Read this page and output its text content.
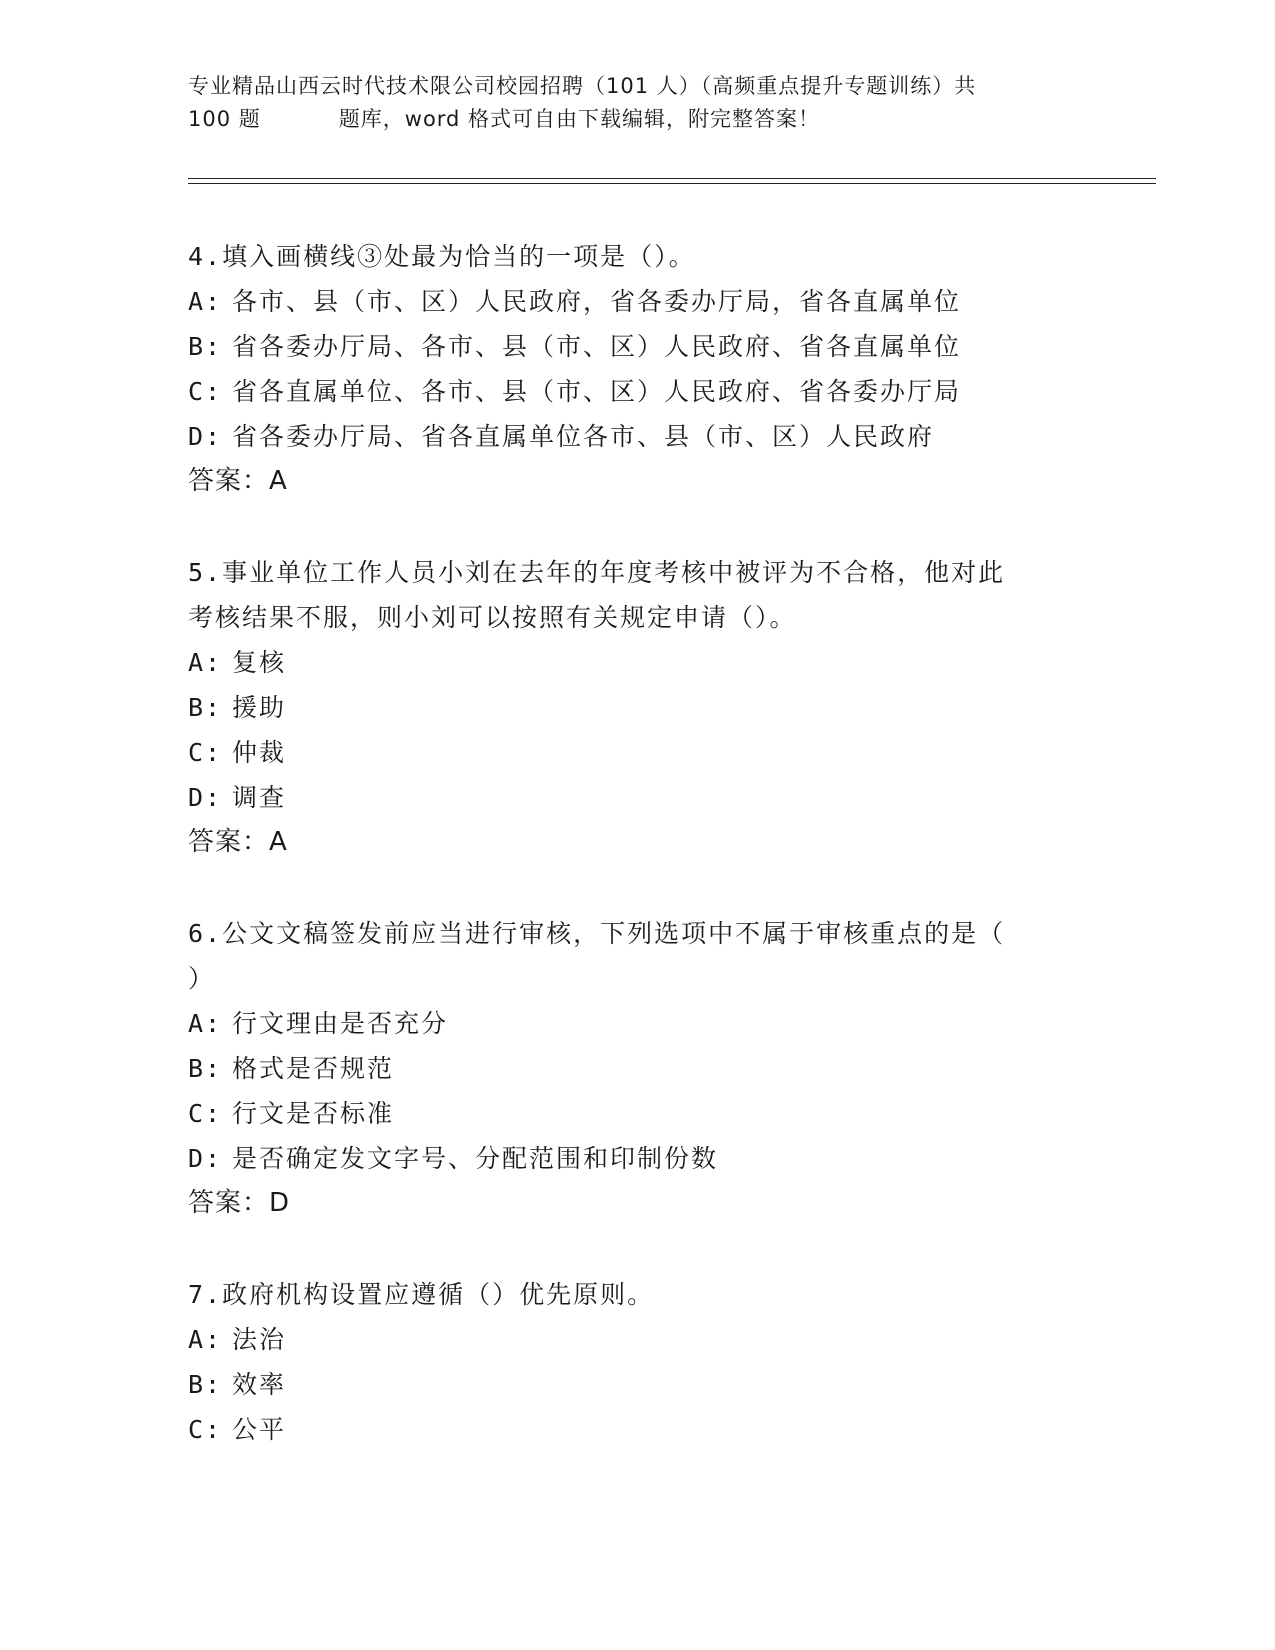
专业精品山西云时代技术限公司校园招聘（101 人）（高频重点提升专题训练）共
100 题	题库，word 格式可自由下载编辑，附完整答案！
4.填入画横线③处最为恰当的一项是（）。
A: 各市、县（市、区）人民政府，省各委办厅局，省各直属单位
B: 省各委办厅局、各市、县（市、区）人民政府、省各直属单位
C: 省各直属单位、各市、县（市、区）人民政府、省各委办厅局
D: 省各委办厅局、省各直属单位各市、县（市、区）人民政府
答案：A
5.事业单位工作人员小刘在去年的年度考核中被评为不合格，他对此
考核结果不服，则小刘可以按照有关规定申请（）。
A: 复核
B: 援助
C: 仲裁
D: 调查
答案：A
6.公文文稿签发前应当进行审核，下列选项中不属于审核重点的是（
）
A: 行文理由是否充分
B: 格式是否规范
C: 行文是否标准
D: 是否确定发文字号、分配范围和印制份数
答案：D
7.政府机构设置应遵循（）优先原则。
A: 法治
B: 效率
C: 公平
